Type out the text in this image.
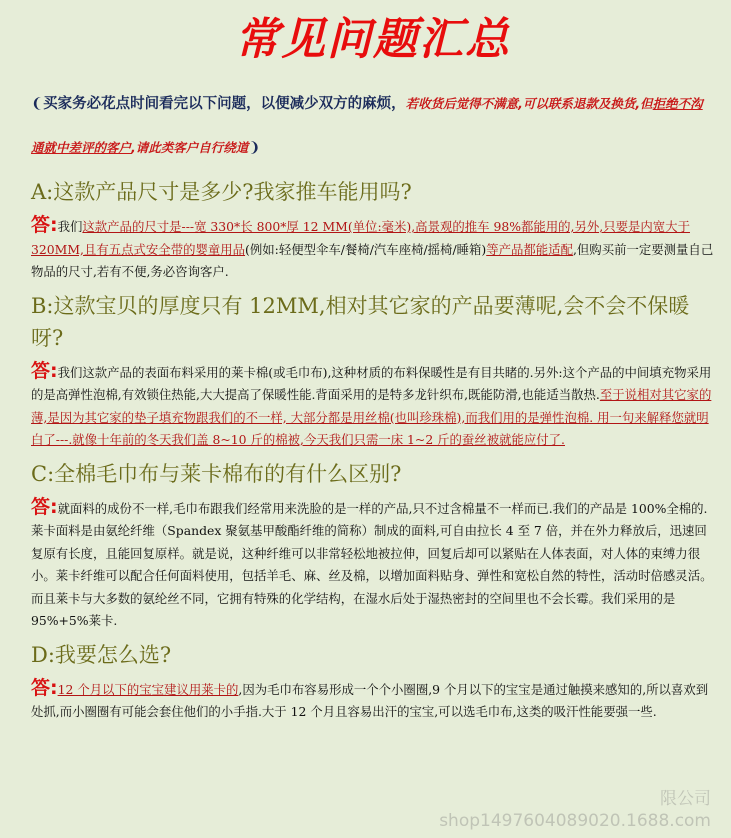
常见问题汇总
❨买家务必花点时间看完以下问题，以便减少双方的麻烦，若收货后觉得不满意,可以联系退款及换货,但拒绝不沟通就中差评的客户,请此类客户自行绕道❩
A:这款产品尺寸是多少?我家推车能用吗?
答:我们这款产品的尺寸是---宽 330*长 800*厚 12 MM(单位:毫米),高景观的推车 98%都能用的,另外,只要是内宽大于 320MM,且有五点式安全带的婴童用品(例如:轻便型伞车/餐椅/汽车座椅/摇椅/睡箱)等产品都能适配,但购买前一定要测量自己物品的尺寸,若有不便,务必咨询客户.
B:这款宝贝的厚度只有 12MM,相对其它家的产品要薄呢,会不会不保暖呀?
答:我们这款产品的表面布料采用的莱卡棉(或毛巾布),这种材质的布料保暖性是有目共睹的.另外:这个产品的中间填充物采用的是高弹性泡棉,有效锁住热能,大大提高了保暖性能.背面采用的是特多龙针织布,既能防滑,也能适当散热.至于说相对其它家的薄,是因为其它家的垫子填充物跟我们的不一样, 大部分都是用丝棉(也叫珍珠棉),而我们用的是弹性泡棉. 用一句来解释您就明白了---.就像十年前的冬天我们盖 8~10 斤的棉被,今天我们只需一床 1~2 斤的蚕丝被就能应付了.
C:全棉毛巾布与莱卡棉布的有什么区别?
答:就面料的成份不一样,毛巾布跟我们经常用来洗脸的是一样的产品,只不过含棉量不一样而已.我们的产品是 100%全棉的.莱卡面料是由氨纶纤维（Spandex 聚氨基甲酸酯纤维的简称）制成的面料,可自由拉长 4 至 7 倍，并在外力释放后，迅速回复原有长度，且能回复原样。就是说，这种纤维可以非常轻松地被拉伸，回复后却可以紧贴在人体表面，对人体的束缚力很小。莱卡纤维可以配合任何面料使用，包括羊毛、麻、丝及棉，以增加面料贴身、弹性和宽松自然的特性，活动时倍感灵活。而且莱卡与大多数的氨纶丝不同，它拥有特殊的化学结构，在湿水后处于湿热密封的空间里也不会长霉。我们采用的是 95%+5%莱卡.
D:我要怎么选?
答:12 个月以下的宝宝建议用莱卡的,因为毛巾布容易形成一个个小圈圈,9 个月以下的宝宝是通过触摸来感知的,所以喜欢到处抓,而小圈圈有可能会套住他们的小手指.大于 12 个月且容易出汗的宝宝,可以选毛巾布,这类的吸汗性能要强一些.
限公司
shop1497604089020.1688.com
